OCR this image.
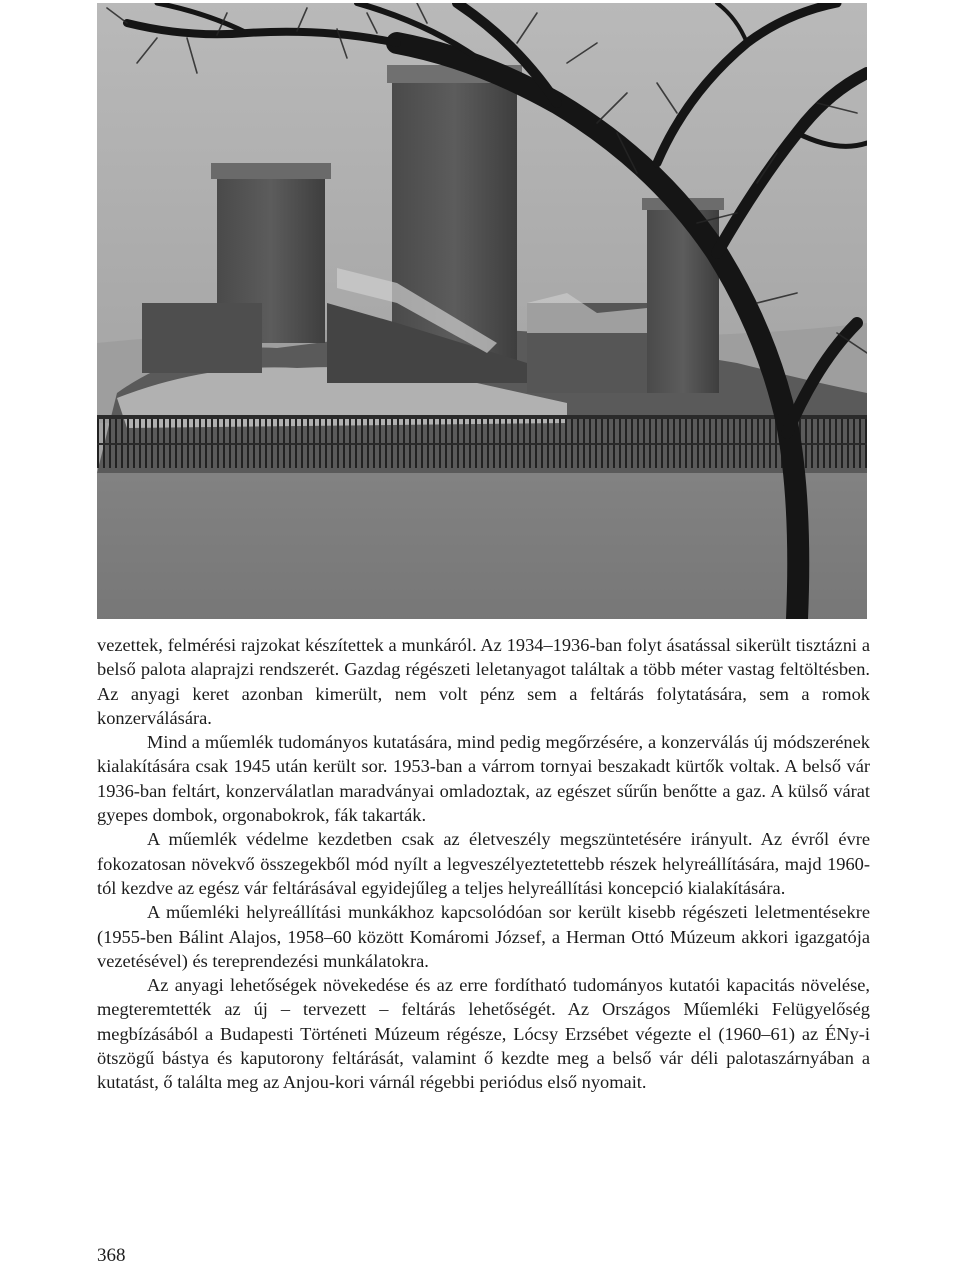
vezettek, felmérési rajzokat készítettek a munkáról. Az 1934–1936-ban folyt ásatással sikerült tisztázni a belső palota alaprajzi rendszerét. Gazdag régészeti leletanyagot találtak a több méter vastag feltöltésben. Az anyagi keret azonban kimerült, nem volt pénz sem a feltárás folytatására, sem a romok konzerválására.

Mind a műemlék tudományos kutatására, mind pedig megőrzésére, a konzerválás új módszerének kialakítására csak 1945 után került sor. 1953-ban a várrom tornyai beszakadt kürtők voltak. A belső vár 1936-ban feltárt, konzerválatlan maradványai omladoztak, az egészet sűrűn benőtte a gaz. A külső várat gyepes dombok, orgonabokrok, fák takarták.

A műemlék védelme kezdetben csak az életveszély megszüntetésére irányult. Az évről évre fokozatosan növekvő összegekből mód nyílt a legveszélyeztetettebb részek helyreállítására, majd 1960-tól kezdve az egész vár feltárásával egyidejűleg a teljes helyreállítási koncepció kialakítására.

A műemléki helyreállítási munkákhoz kapcsolódóan sor került kisebb régészeti leletmentésekre (1955-ben Bálint Alajos, 1958–60 között Komáromi József, a Herman Ottó Múzeum akkori igazgatója vezetésével) és tereprendezési munkálatokra.

Az anyagi lehetőségek növekedése és az erre fordítható tudományos kutatói kapacitás növelése, megteremtették az új – tervezett – feltárás lehetőségét. Az Országos Műemléki Felügyelőség megbízásából a Budapesti Történeti Múzeum régésze, Lócsy Erzsébet végezte el (1960–61) az ÉNy-i ötszögű bástya és kaputorony feltárását, valamint ő kezdte meg a belső vár déli palotaszárnyában a kutatást, ő találta meg az Anjou-kori várnál régebbi periódus első nyomait.

368
